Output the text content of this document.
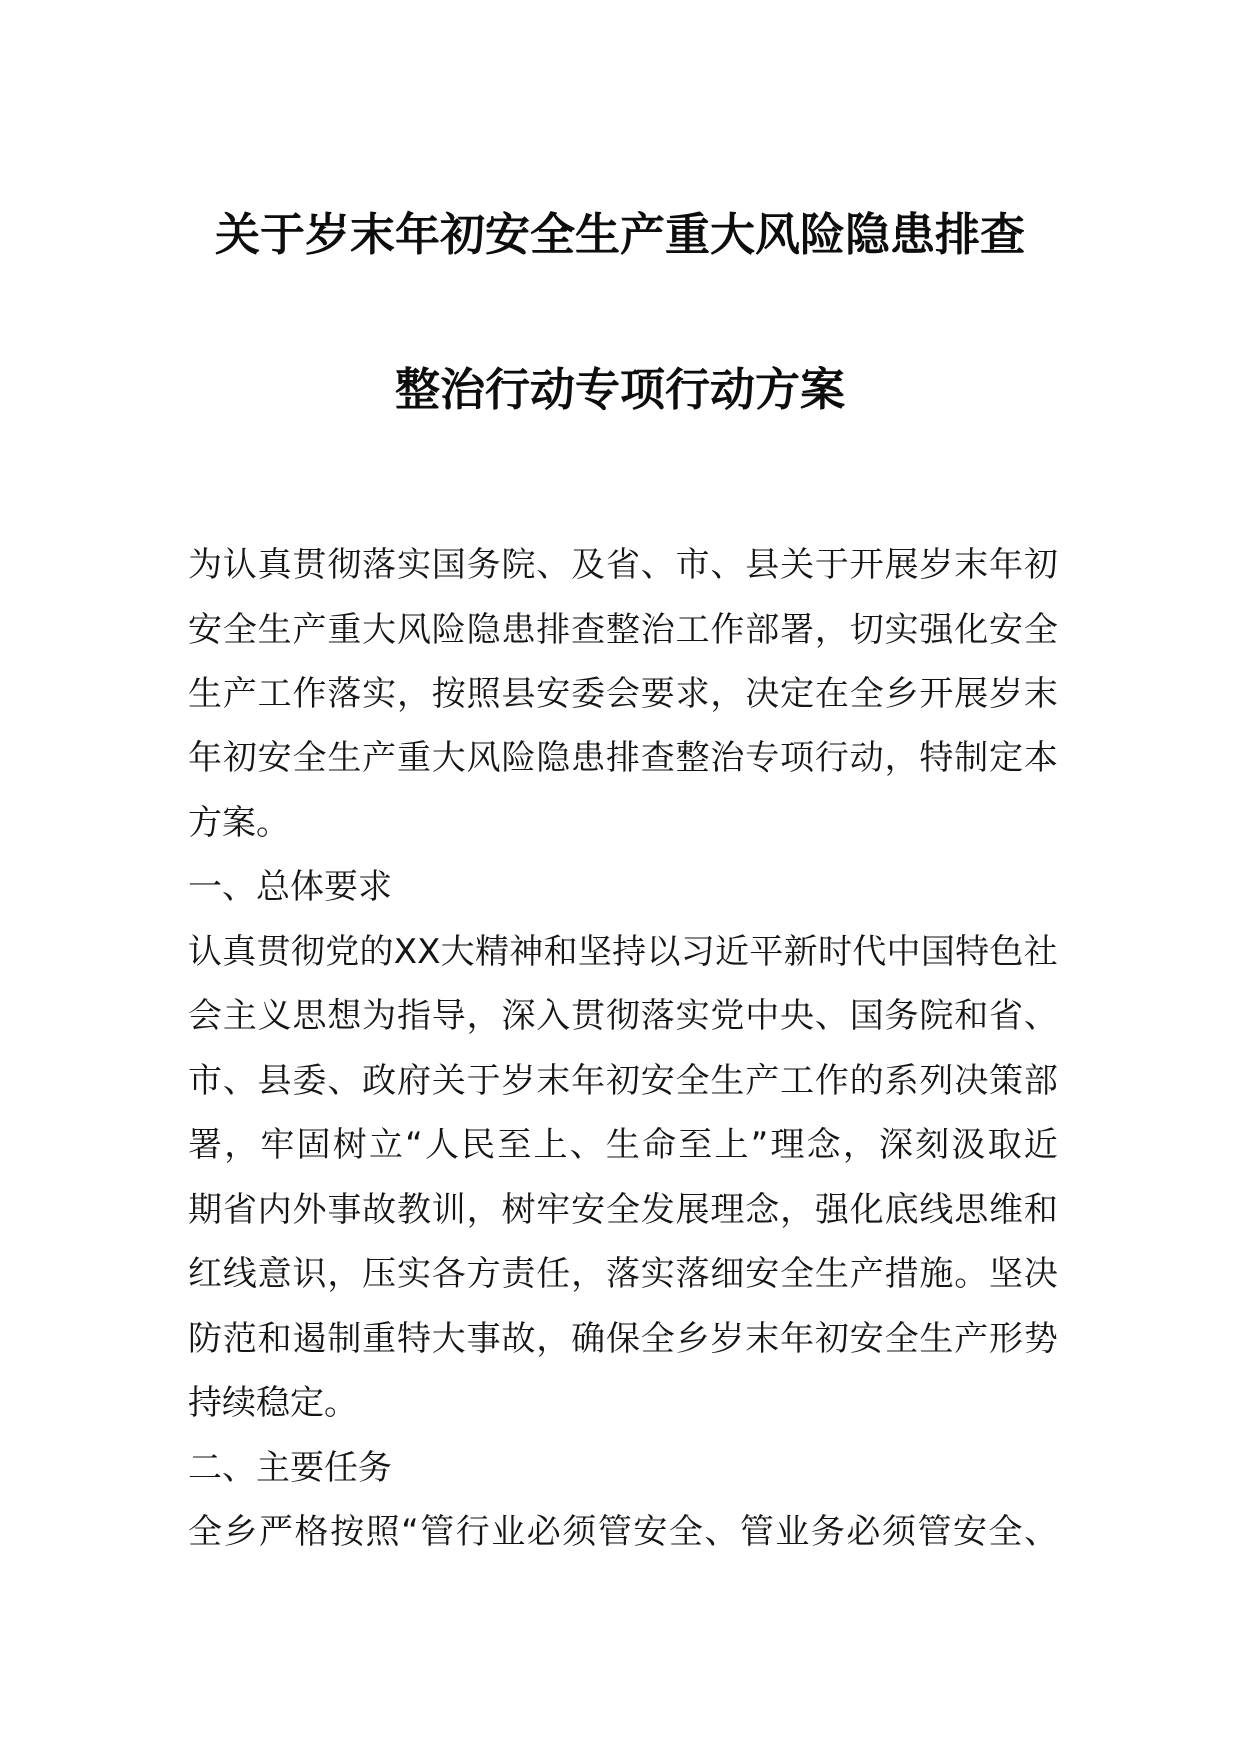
关于岁末年初安全生产重大风险隐患排查
整治行动专项行动方案
为 认 真 贯 彻 落 实 国 务 院 、 及 省 、 市 、 县 关 于 开 展 岁 末 年 初
安 全 生 产 重 大 风 险 隐 患 排 查 整 治 工 作 部 署 ， 切 实 强 化 安 全
生 产 工 作 落 实 ， 按 照 县 安 委 会 要 求 ， 决 定 在 全 乡 开 展 岁 末
年 初 安 全 生 产 重 大 风 险 隐 患 排 查 整 治 专 项 行 动 ， 特 制 定 本
方案。
一、总体要求
认 真 贯 彻 党 的 XX 大 精 神 和 坚 持 以 习 近 平 新 时 代 中 国 特 色 社
会 主 义 思 想 为 指 导 ， 深 入 贯 彻 落 实 党 中 央 、 国 务 院 和 省 、
市 、 县 委 、 政 府 关 于 岁 末 年 初 安 全 生 产 工 作 的 系 列 决 策 部
署 ， 牢 固 树 立 “ 人 民 至 上 、 生 命 至 上 ” 理 念 ， 深 刻 汲 取 近
期 省 内 外 事 故 教 训 ， 树 牢 安 全 发 展 理 念 ， 强 化 底 线 思 维 和
红 线 意 识 ， 压 实 各 方 责 任 ， 落 实 落 细 安 全 生 产 措 施 。 坚 决
防 范 和 遏 制 重 特 大 事 故 ， 确 保 全 乡 岁 末 年 初 安 全 生 产 形 势
持续稳定。
二、主要任务
全 乡 严 格 按 照 “ 管 行 业 必 须 管 安 全 、 管 业 务 必 须 管 安 全 、
